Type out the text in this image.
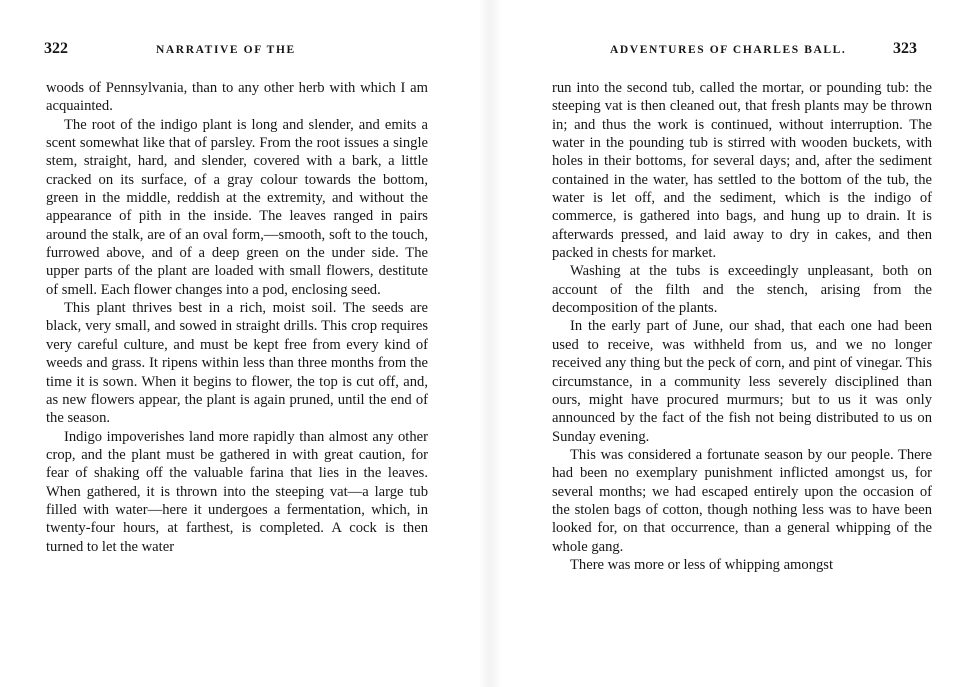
322	NARRATIVE OF THE

woods of Pennsylvania, than to any other herb with which I am acquainted.

The root of the indigo plant is long and slender, and emits a scent somewhat like that of parsley. From the root issues a single stem, straight, hard, and slender, covered with a bark, a little cracked on its surface, of a gray colour towards the bottom, green in the middle, reddish at the extremity, and without the appearance of pith in the inside. The leaves ranged in pairs around the stalk, are of an oval form,—smooth, soft to the touch, furrowed above, and of a deep green on the under side. The upper parts of the plant are loaded with small flowers, destitute of smell. Each flower changes into a pod, enclosing seed.

This plant thrives best in a rich, moist soil. The seeds are black, very small, and sowed in straight drills. This crop requires very careful culture, and must be kept free from every kind of weeds and grass. It ripens within less than three months from the time it is sown. When it begins to flower, the top is cut off, and, as new flowers appear, the plant is again pruned, until the end of the season.

Indigo impoverishes land more rapidly than almost any other crop, and the plant must be gathered in with great caution, for fear of shaking off the valuable farina that lies in the leaves. When gathered, it is thrown into the steeping vat—a large tub filled with water—here it undergoes a fermentation, which, in twenty-four hours, at farthest, is completed. A cock is then turned to let the water

ADVENTURES OF CHARLES BALL.	323

run into the second tub, called the mortar, or pounding tub: the steeping vat is then cleaned out, that fresh plants may be thrown in; and thus the work is continued, without interruption. The water in the pounding tub is stirred with wooden buckets, with holes in their bottoms, for several days; and, after the sediment contained in the water, has settled to the bottom of the tub, the water is let off, and the sediment, which is the indigo of commerce, is gathered into bags, and hung up to drain. It is afterwards pressed, and laid away to dry in cakes, and then packed in chests for market.

Washing at the tubs is exceedingly unpleasant, both on account of the filth and the stench, arising from the decomposition of the plants.

In the early part of June, our shad, that each one had been used to receive, was withheld from us, and we no longer received any thing but the peck of corn, and pint of vinegar. This circumstance, in a community less severely disciplined than ours, might have procured murmurs; but to us it was only announced by the fact of the fish not being distributed to us on Sunday evening.

This was considered a fortunate season by our people. There had been no exemplary punishment inflicted amongst us, for several months; we had escaped entirely upon the occasion of the stolen bags of cotton, though nothing less was to have been looked for, on that occurrence, than a general whipping of the whole gang.

There was more or less of whipping amongst
